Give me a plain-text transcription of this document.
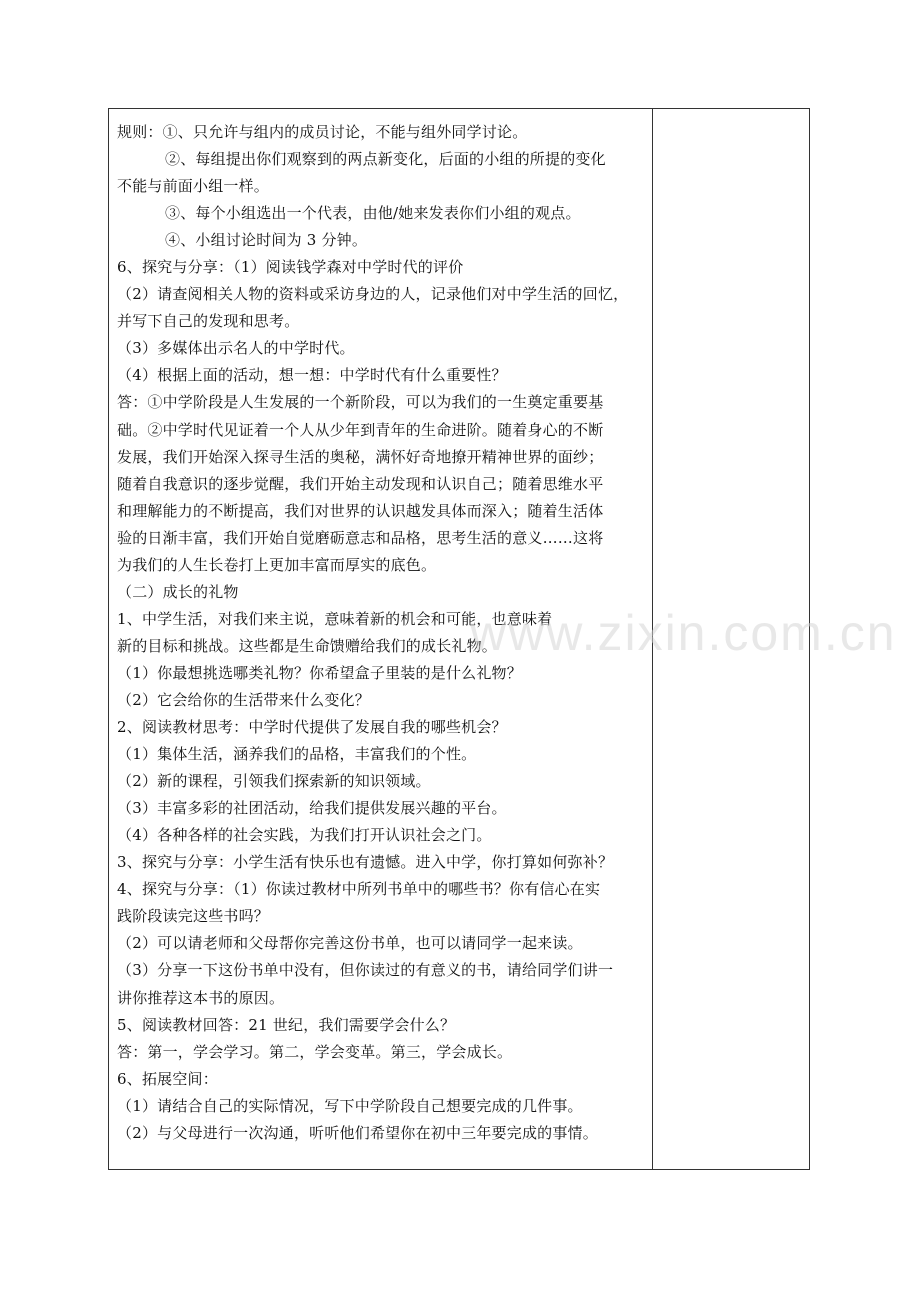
规则：①、只允许与组内的成员讨论，不能与组外同学讨论。
②、每组提出你们观察到的两点新变化，后面的小组的所提的变化
不能与前面小组一样。
③、每个小组选出一个代表，由他/她来发表你们小组的观点。
④、小组讨论时间为 3 分钟。
6、探究与分享：（1）阅读钱学森对中学时代的评价
（2）请查阅相关人物的资料或采访身边的人，记录他们对中学生活的回忆，
并写下自己的发现和思考。
（3）多媒体出示名人的中学时代。
（4）根据上面的活动，想一想：中学时代有什么重要性？
答：①中学阶段是人生发展的一个新阶段，可以为我们的一生奠定重要基
础。②中学时代见证着一个人从少年到青年的生命进阶。随着身心的不断
发展，我们开始深入探寻生活的奥秘，满怀好奇地撩开精神世界的面纱；
随着自我意识的逐步觉醒，我们开始主动发现和认识自己；随着思维水平
和理解能力的不断提高，我们对世界的认识越发具体而深入；随着生活体
验的日渐丰富，我们开始自觉磨砺意志和品格，思考生活的意义……这将
为我们的人生长卷打上更加丰富而厚实的底色。
（二）成长的礼物
1、中学生活，对我们来主说，意味着新的机会和可能，也意味着
新的目标和挑战。这些都是生命馈赠给我们的成长礼物。
（1）你最想挑选哪类礼物？你希望盒子里装的是什么礼物？
（2）它会给你的生活带来什么变化？
2、阅读教材思考：中学时代提供了发展自我的哪些机会？
（1）集体生活，涵养我们的品格，丰富我们的个性。
（2）新的课程，引领我们探索新的知识领域。
（3）丰富多彩的社团活动，给我们提供发展兴趣的平台。
（4）各种各样的社会实践，为我们打开认识社会之门。
3、探究与分享：小学生活有快乐也有遗憾。进入中学，你打算如何弥补？
4、探究与分享：（1）你读过教材中所列书单中的哪些书？你有信心在实
践阶段读完这些书吗？
（2）可以请老师和父母帮你完善这份书单，也可以请同学一起来读。
（3）分享一下这份书单中没有，但你读过的有意义的书，请给同学们讲一
讲你推荐这本书的原因。
5、阅读教材回答：21 世纪，我们需要学会什么？
答：第一，学会学习。第二，学会变革。第三，学会成长。
6、拓展空间：
（1）请结合自己的实际情况，写下中学阶段自己想要完成的几件事。
（2）与父母进行一次沟通，听听他们希望你在初中三年要完成的事情。
www.zixin.com.cn
